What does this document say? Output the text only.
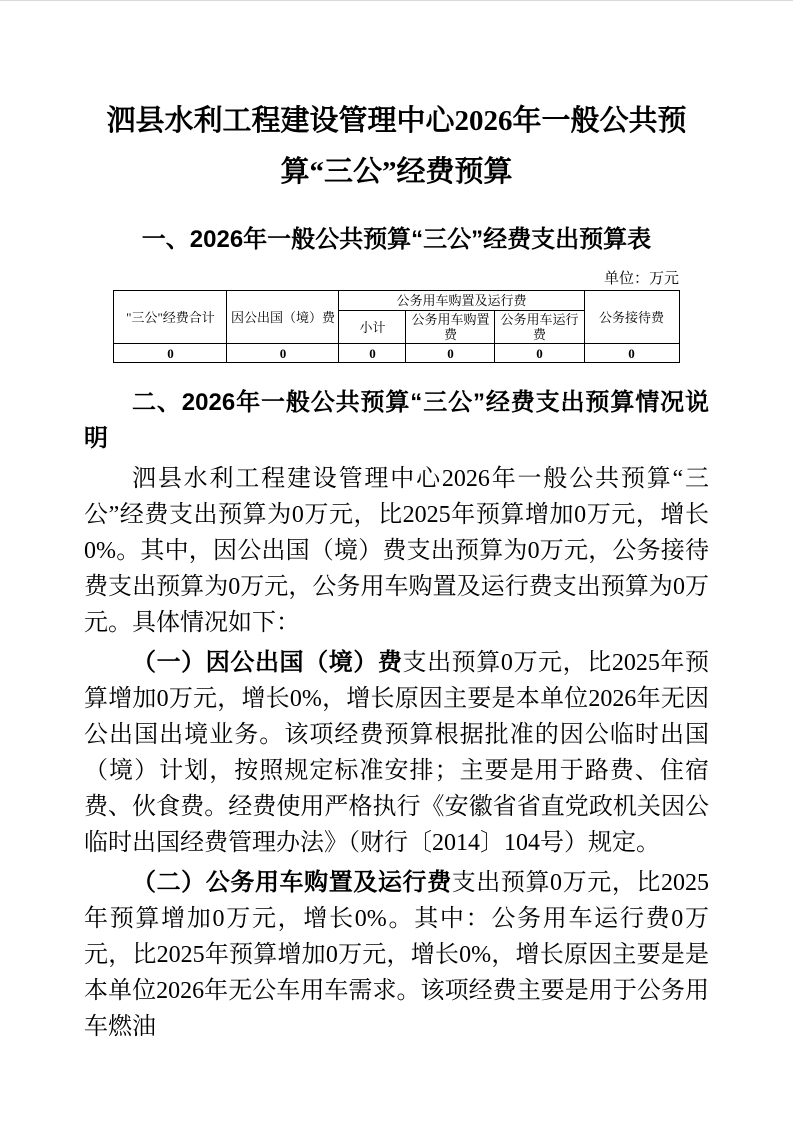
泗县水利工程建设管理中心2026年一般公共预算“三公”经费预算
一、2026年一般公共预算“三公”经费支出预算表
单位：万元
"三公"经费合计	因公出国（境）费	公务用车购置及运行费			公务接待费
		小计	公务用车购置费	公务用车运行费	
0	0	0	0	0	0

二、2026年一般公共预算“三公”经费支出预算情况说明

泗县水利工程建设管理中心2026年一般公共预算“三公”经费支出预算为0万元，比2025年预算增加0万元，增长0%。其中，因公出国（境）费支出预算为0万元，公务接待费支出预算为0万元，公务用车购置及运行费支出预算为0万元。具体情况如下：

（一）因公出国（境）费支出预算0万元，比2025年预算增加0万元，增长0%，增长原因主要是本单位2026年无因公出国出境业务。该项经费预算根据批准的因公临时出国（境）计划，按照规定标准安排；主要是用于路费、住宿费、伙食费。经费使用严格执行《安徽省省直党政机关因公临时出国经费管理办法》（财行〔2014〕104号）规定。

（二）公务用车购置及运行费支出预算0万元，比2025年预算增加0万元，增长0%。其中：公务用车运行费0万元，比2025年预算增加0万元，增长0%，增长原因主要是是本单位2026年无公车用车需求。该项经费主要是用于公务用车燃油
